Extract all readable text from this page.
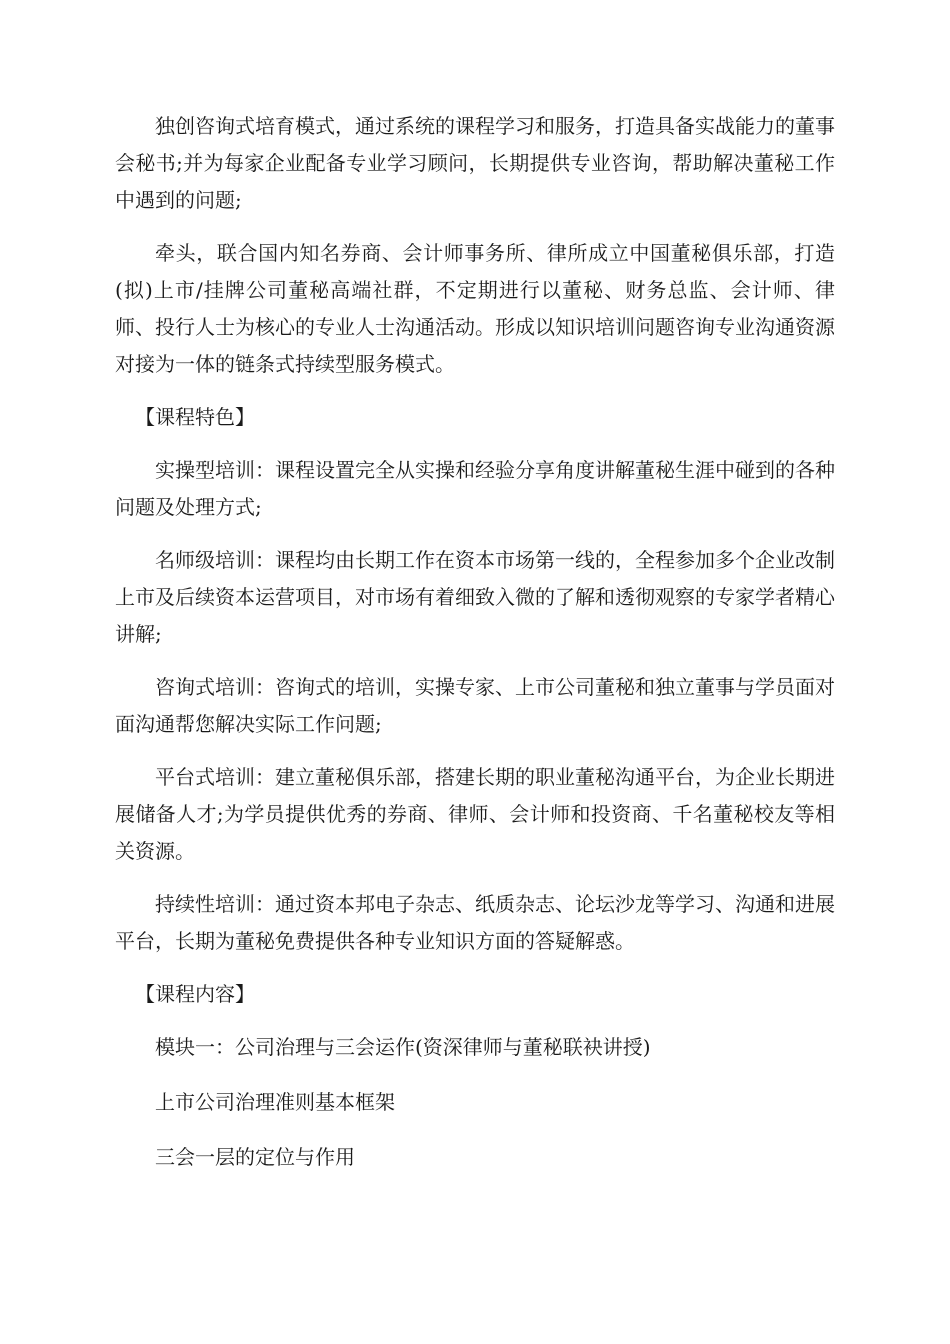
独创咨询式培育模式，通过系统的课程学习和服务，打造具备实战能力的董事会秘书;并为每家企业配备专业学习顾问，长期提供专业咨询，帮助解决董秘工作中遇到的问题;

牵头，联合国内知名券商、会计师事务所、律所成立中国董秘俱乐部，打造(拟)上市/挂牌公司董秘高端社群，不定期进行以董秘、财务总监、会计师、律师、投行人士为核心的专业人士沟通活动。形成以知识培训问题咨询专业沟通资源对接为一体的链条式持续型服务模式。

【课程特色】

实操型培训：课程设置完全从实操和经验分享角度讲解董秘生涯中碰到的各种问题及处理方式;

名师级培训：课程均由长期工作在资本市场第一线的，全程参加多个企业改制上市及后续资本运营项目，对市场有着细致入微的了解和透彻观察的专家学者精心讲解;

咨询式培训：咨询式的培训，实操专家、上市公司董秘和独立董事与学员面对面沟通帮您解决实际工作问题;

平台式培训：建立董秘俱乐部，搭建长期的职业董秘沟通平台，为企业长期进展储备人才;为学员提供优秀的券商、律师、会计师和投资商、千名董秘校友等相关资源。

持续性培训：通过资本邦电子杂志、纸质杂志、论坛沙龙等学习、沟通和进展平台，长期为董秘免费提供各种专业知识方面的答疑解惑。

【课程内容】

模块一：公司治理与三会运作(资深律师与董秘联袂讲授)

上市公司治理准则基本框架

三会一层的定位与作用
